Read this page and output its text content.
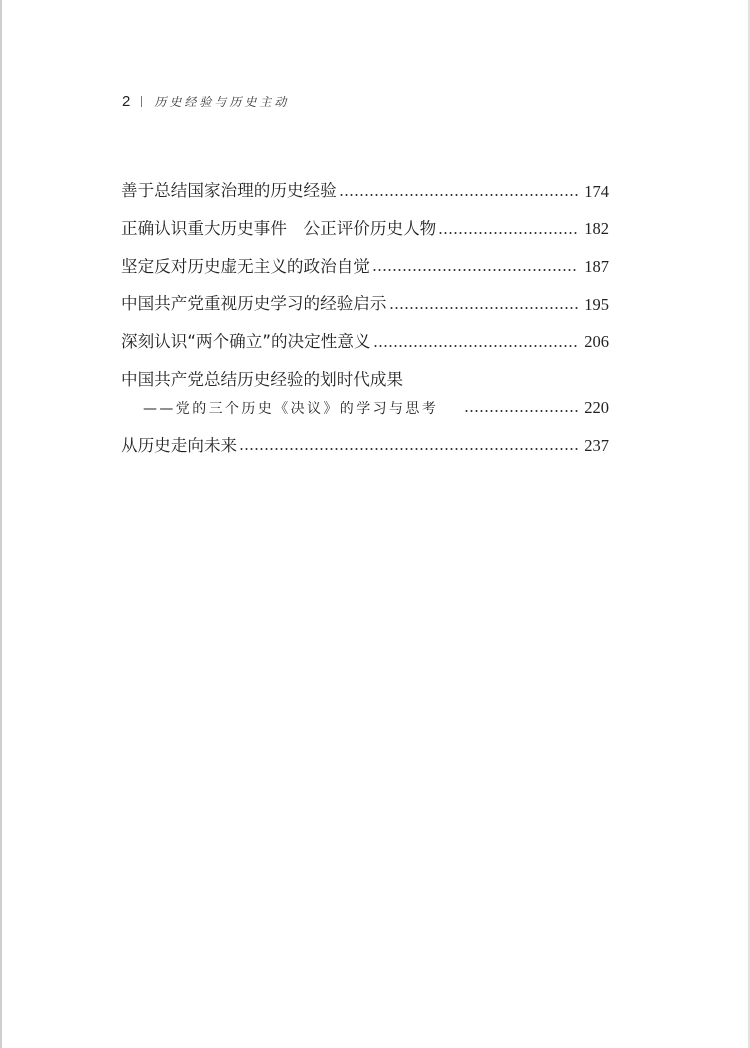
2 历史经验与历史主动
善于总结国家治理的历史经验	174
正确认识重大历史事件　公正评价历史人物	182
坚定反对历史虚无主义的政治自觉	187
中国共产党重视历史学习的经验启示	195
深刻认识“两个确立”的决定性意义	206
中国共产党总结历史经验的划时代成果
——党的三个历史《决议》的学习与思考	220
从历史走向未来	237
